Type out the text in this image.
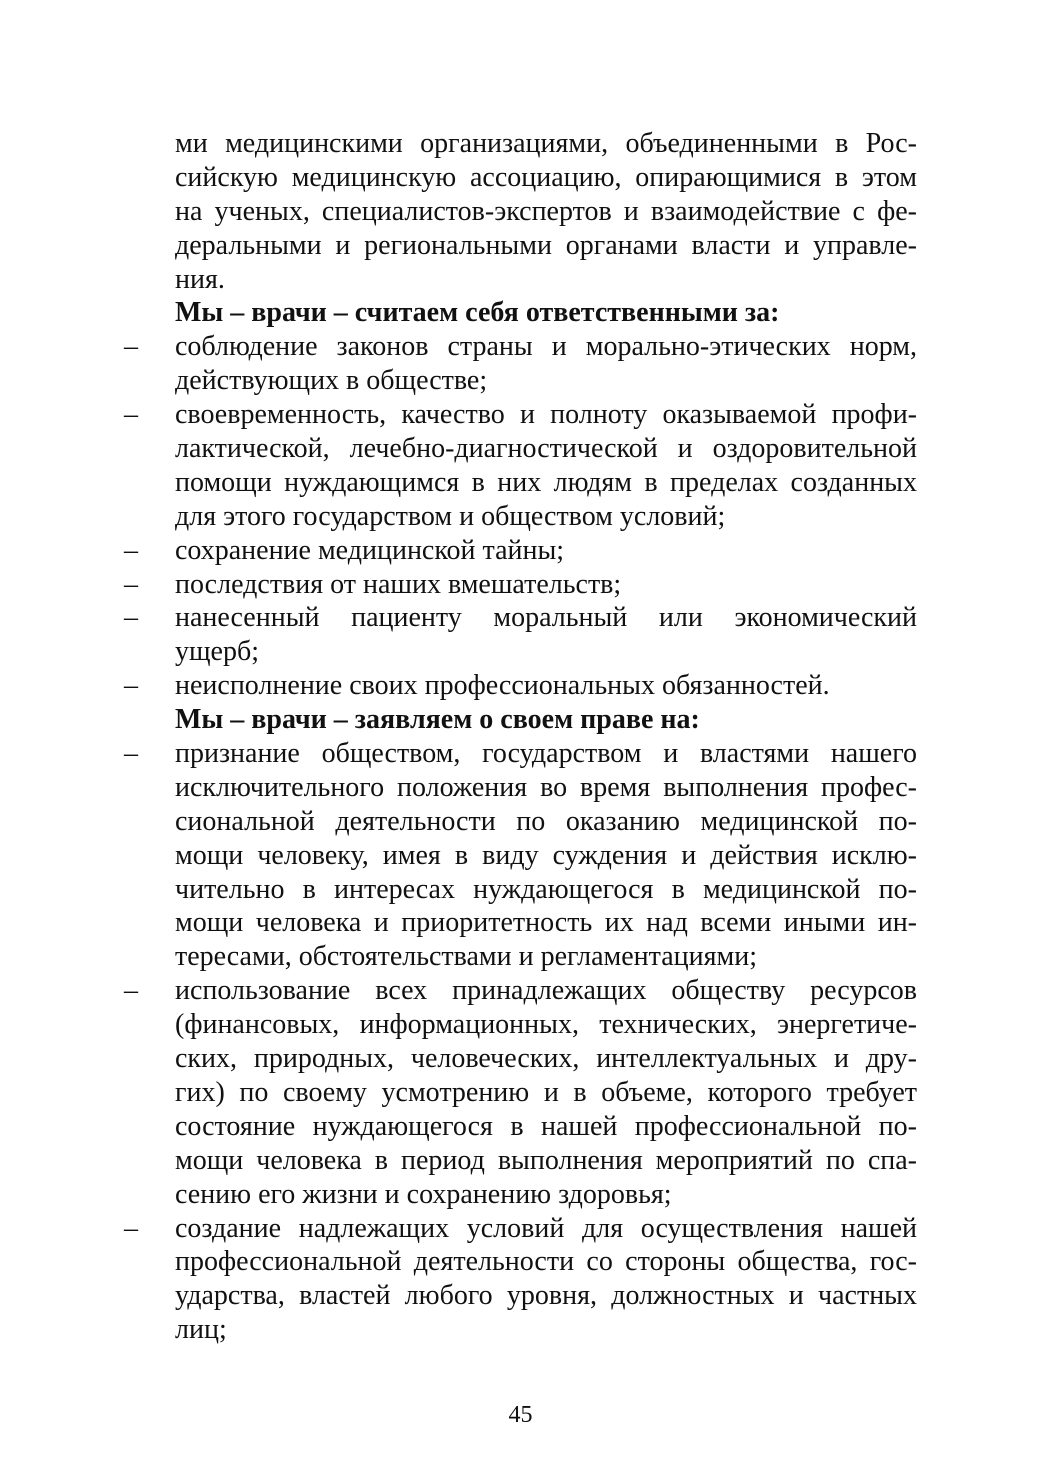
ми медицинскими организациями, объединенными в Рос-
сийскую медицинскую ассоциацию, опирающимися в этом
на ученых, специалистов-экспертов и взаимодействие с фе-
деральными и региональными органами власти и управле-
ния.
Мы – врачи – считаем себя ответственными за:
– соблюдение законов страны и морально-этических норм,
действующих в обществе;
– своевременность, качество и полноту оказываемой профи-
лактической, лечебно-диагностической и оздоровительной
помощи нуждающимся в них людям в пределах созданных
для этого государством и обществом условий;
– сохранение медицинской тайны;
– последствия от наших вмешательств;
– нанесенный пациенту моральный или экономический
ущерб;
– неисполнение своих профессиональных обязанностей.
Мы – врачи – заявляем о своем праве на:
– признание обществом, государством и властями нашего
исключительного положения во время выполнения профес-
сиональной деятельности по оказанию медицинской по-
мощи человеку, имея в виду суждения и действия исклю-
чительно в интересах нуждающегося в медицинской по-
мощи человека и приоритетность их над всеми иными ин-
тересами, обстоятельствами и регламентациями;
– использование всех принадлежащих обществу ресурсов
(финансовых, информационных, технических, энергетиче-
ских, природных, человеческих, интеллектуальных и дру-
гих) по своему усмотрению и в объеме, которого требует
состояние нуждающегося в нашей профессиональной по-
мощи человека в период выполнения мероприятий по спа-
сению его жизни и сохранению здоровья;
– создание надлежащих условий для осуществления нашей
профессиональной деятельности со стороны общества, гос-
ударства, властей любого уровня, должностных и частных
лиц;
45
